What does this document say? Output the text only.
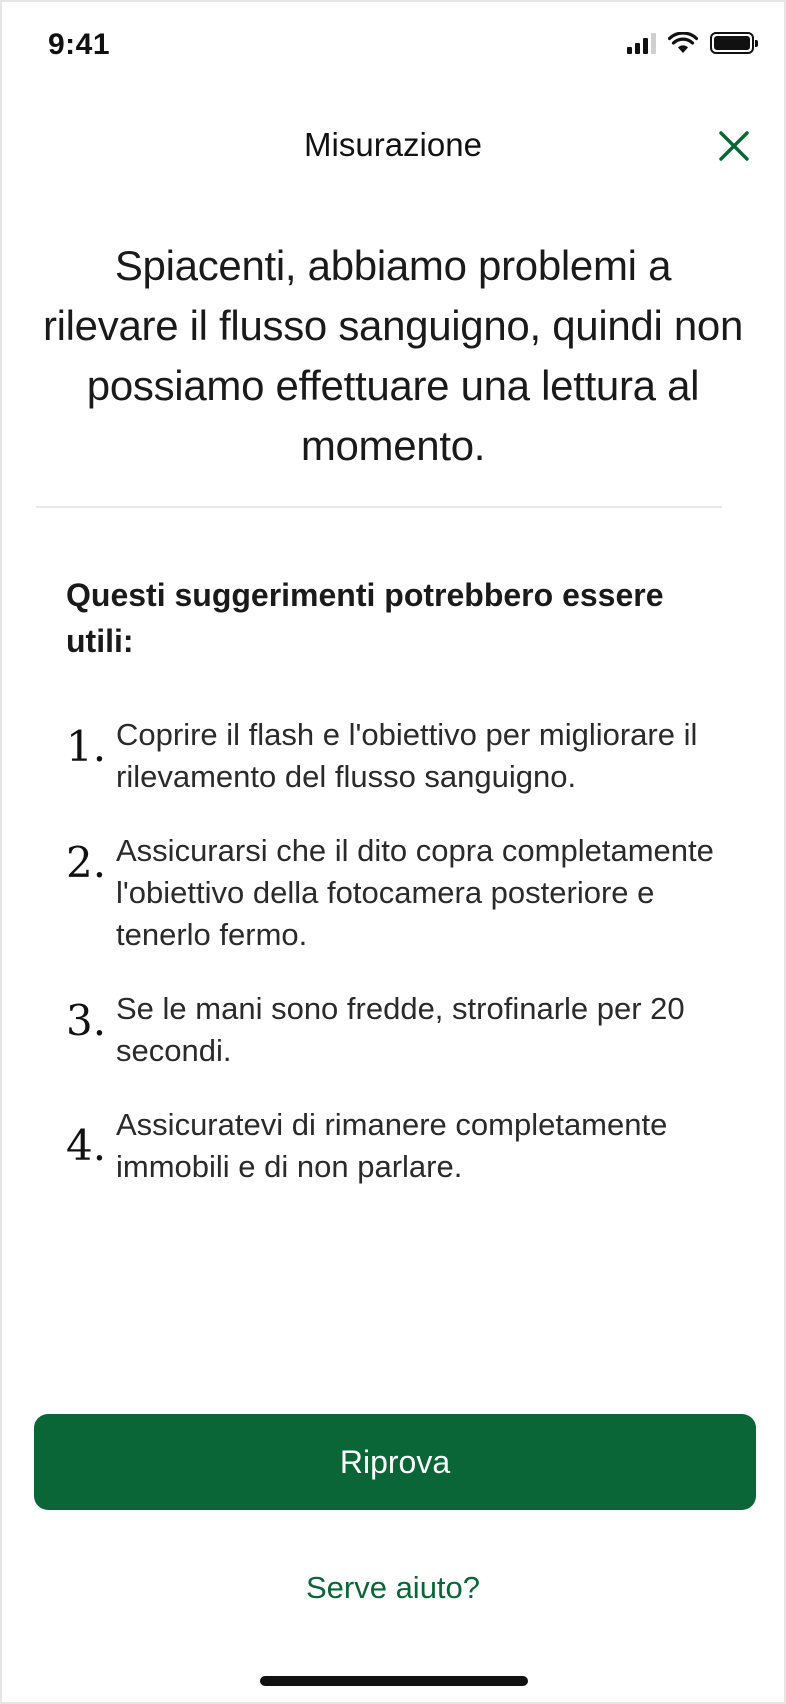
9:41
Misurazione
Spiacenti, abbiamo problemi a rilevare il flusso sanguigno, quindi non possiamo effettuare una lettura al momento.
Questi suggerimenti potrebbero essere utili:
1. Coprire il flash e l'obiettivo per migliorare il rilevamento del flusso sanguigno.
2. Assicurarsi che il dito copra completamente l'obiettivo della fotocamera posteriore e tenerlo fermo.
3. Se le mani sono fredde, strofinarle per 20 secondi.
4. Assicuratevi di rimanere completamente immobili e di non parlare.
Riprova
Serve aiuto?
